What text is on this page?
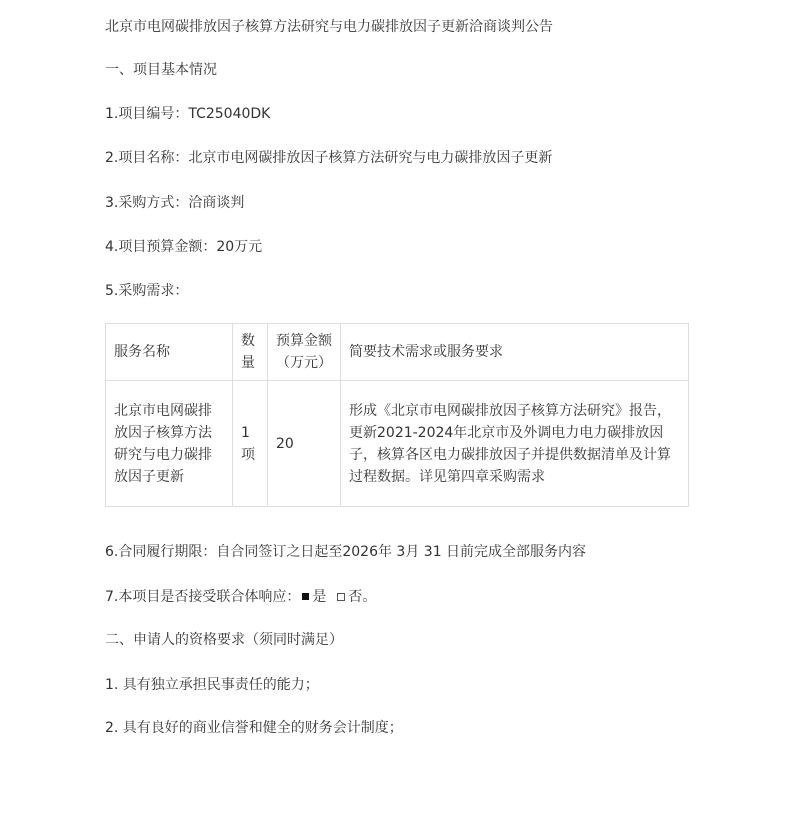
北京市电网碳排放因子核算方法研究与电力碳排放因子更新洽商谈判公告
一、项目基本情况
1.项目编号：TC25040DK
2.项目名称：北京市电网碳排放因子核算方法研究与电力碳排放因子更新
3.采购方式：洽商谈判
4.项目预算金额：20万元
5.采购需求：
服务名称	数量	预算金额（万元）	简要技术需求或服务要求
北京市电网碳排放因子核算方法研究与电力碳排放因子更新	1项	20	形成《北京市电网碳排放因子核算方法研究》报告，更新2021-2024年北京市及外调电力电力碳排放因子，核算各区电力碳排放因子并提供数据清单及计算过程数据。详见第四章采购需求
6.合同履行期限：自合同签订之日起至2026年 3月 31 日前完成全部服务内容
7.本项目是否接受联合体响应： 是 否。
二、申请人的资格要求（须同时满足）
1. 具有独立承担民事责任的能力；
2. 具有良好的商业信誉和健全的财务会计制度；
